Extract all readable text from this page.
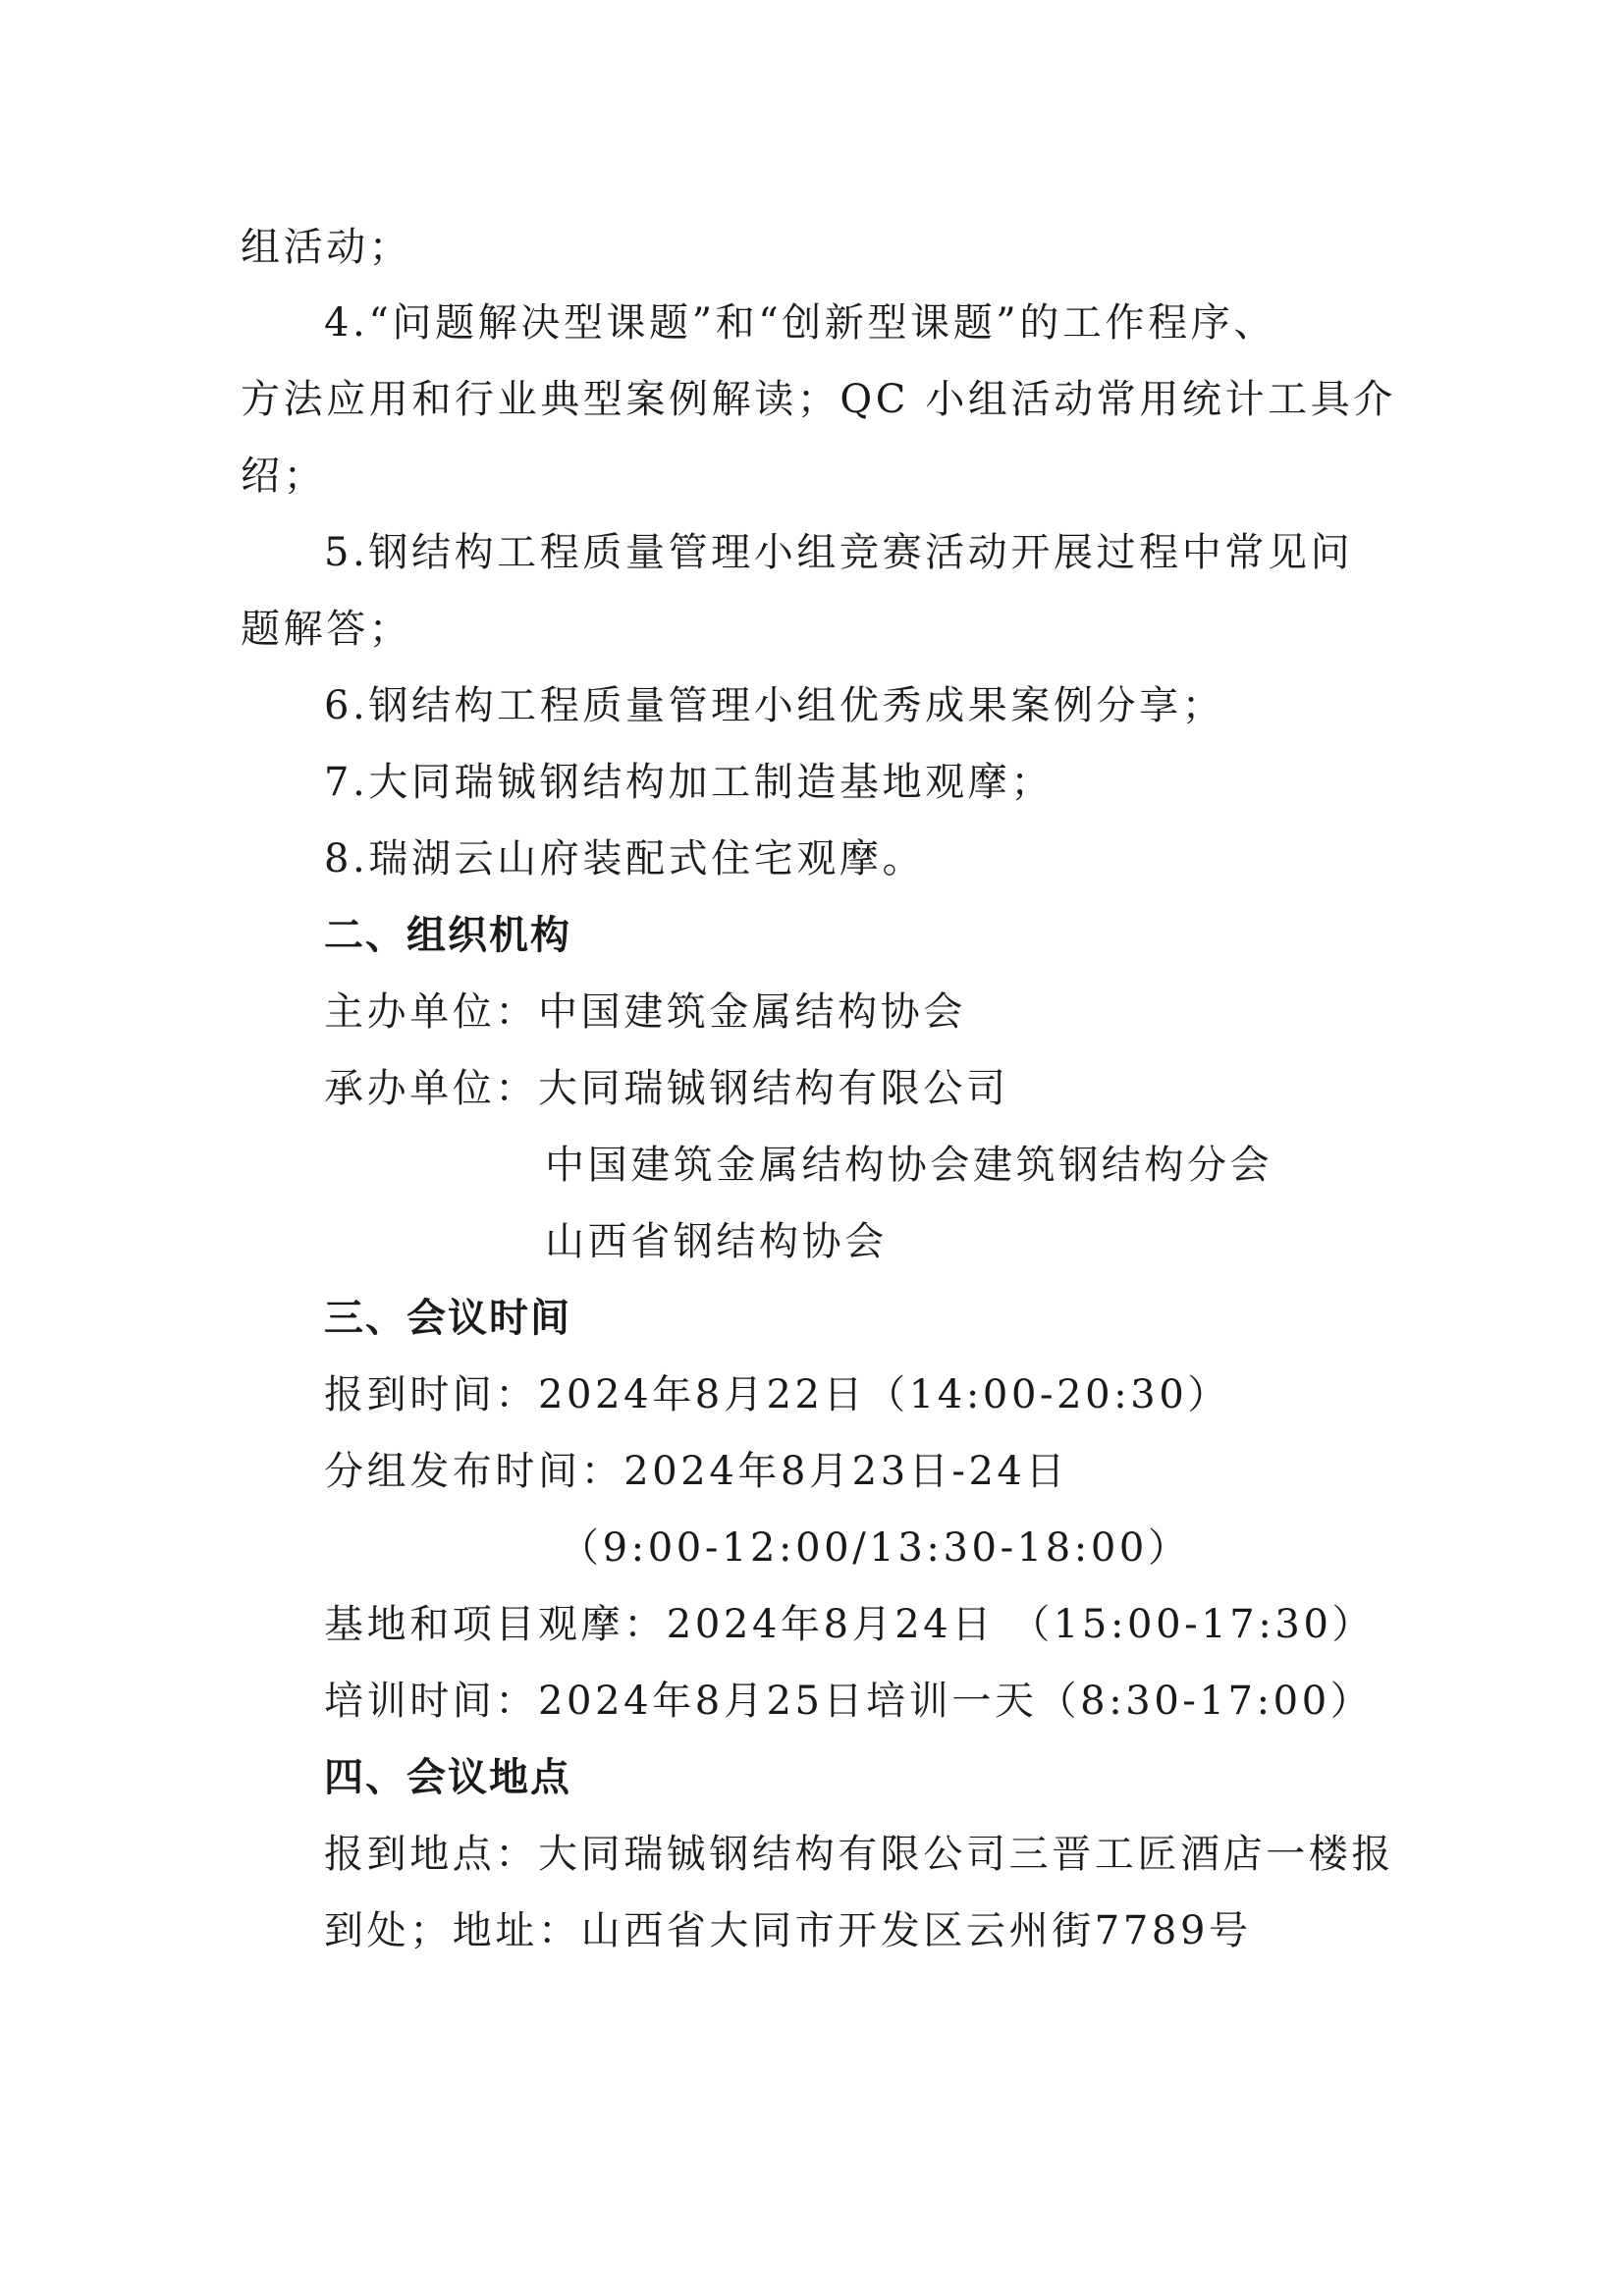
组活动；
4.“问题解决型课题”和“创新型课题”的工作程序、
方法应用和行业典型案例解读；QC 小组活动常用统计工具介
绍；
5.钢结构工程质量管理小组竞赛活动开展过程中常见问
题解答；
6.钢结构工程质量管理小组优秀成果案例分享；
7.大同瑞铖钢结构加工制造基地观摩；
8.瑞湖云山府装配式住宅观摩。
二、组织机构
主办单位：中国建筑金属结构协会
承办单位：大同瑞铖钢结构有限公司
中国建筑金属结构协会建筑钢结构分会
山西省钢结构协会
三、会议时间
报到时间：2024年8月22日（14:00-20:30）
分组发布时间：2024年8月23日-24日
（9:00-12:00/13:30-18:00）
基地和项目观摩：2024年8月24日 （15:00-17:30）
培训时间：2024年8月25日培训一天（8:30-17:00）
四、会议地点
报到地点：大同瑞铖钢结构有限公司三晋工匠酒店一楼报
到处；地址：山西省大同市开发区云州街7789号
